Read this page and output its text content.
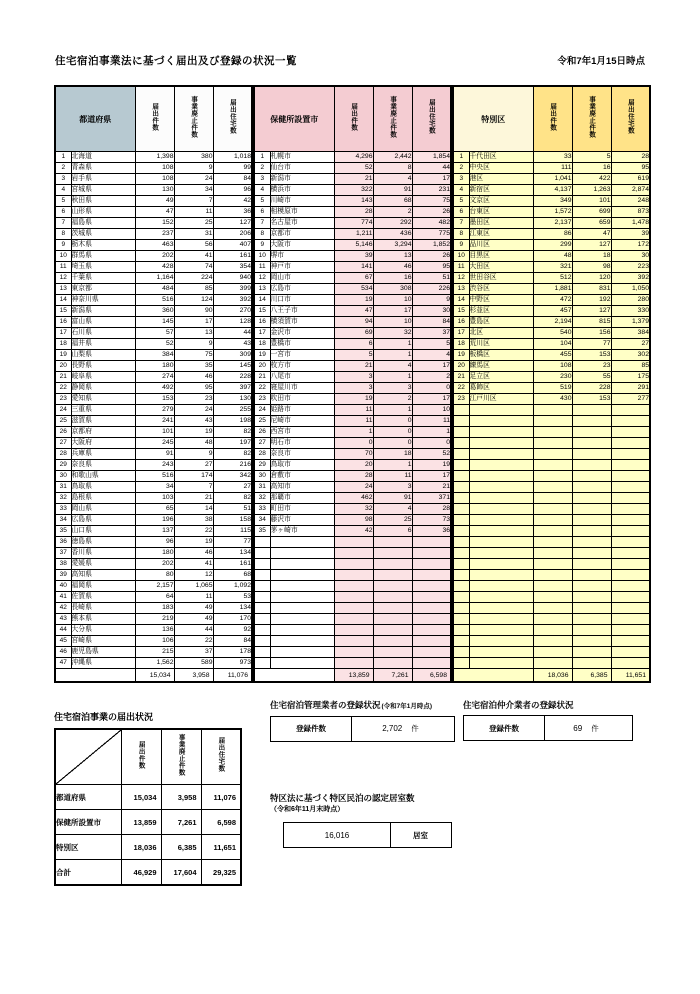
住宅宿泊事業法に基づく届出及び登録の状況一覧	令和7年1月15日時点
都道府県		届出件数	事業廃止件数	届出住宅数
1	北海道	1,398	380	1,018
2	青森県	108	9	99
3	岩手県	108	24	84
4	宮城県	130	34	96
5	秋田県	49	7	42
6	山形県	47	11	36
7	福島県	152	25	127
8	茨城県	237	31	206
9	栃木県	463	56	407
10	群馬県	202	41	161
11	埼玉県	428	74	354
12	千葉県	1,164	224	940
13	東京都	484	85	399
14	神奈川県	516	124	392
15	新潟県	360	90	270
16	富山県	145	17	128
17	石川県	57	13	44
18	福井県	52	9	43
19	山梨県	384	75	309
20	長野県	180	35	145
21	岐阜県	274	46	228
22	静岡県	492	95	397
23	愛知県	153	23	130
24	三重県	279	24	255
25	滋賀県	241	43	198
26	京都府	101	19	82
27	大阪府	245	48	197
28	兵庫県	91	9	82
29	奈良県	243	27	216
30	和歌山県	516	174	342
31	鳥取県	34	7	27
32	島根県	103	21	82
33	岡山県	65	14	51
34	広島県	196	38	158
35	山口県	137	22	115
36	徳島県	96	19	77
37	香川県	180	46	134
38	愛媛県	202	41	161
39	高知県	80	12	68
40	福岡県	2,157	1,065	1,092
41	佐賀県	64	11	53
42	長崎県	183	49	134
43	熊本県	219	49	170
44	大分県	136	44	92
45	宮崎県	106	22	84
46	鹿児島県	215	37	178
47	沖縄県	1,562	589	973
		15,034	3,958	11,076
保健所設置市		届出件数	事業廃止件数	届出住宅数
1	札幌市	4,296	2,442	1,854
2	仙台市	52	8	44
3	新潟市	21	4	17
4	横浜市	322	91	231
5	川崎市	143	68	75
6	相模原市	28	2	26
7	名古屋市	774	292	482
8	京都市	1,211	436	775
9	大阪市	5,146	3,294	1,852
10	堺市	39	13	26
11	神戸市	141	46	95
12	岡山市	67	16	51
13	広島市	534	308	226
14	川口市	19	10	9
15	八王子市	47	17	30
16	横須賀市	94	10	84
17	金沢市	69	32	37
18	豊橋市	6	1	5
19	一宮市	5	1	4
20	枚方市	21	4	17
21	八尾市	3	1	2
22	寝屋川市	3	3	0
23	吹田市	19	2	17
24	姫路市	11	1	10
25	尼崎市	11	0	11
26	西宮市	1	0	1
27	明石市	0	0	0
28	奈良市	70	18	52
29	鳥取市	20	1	19
30	倉敷市	28	11	17
31	高知市	24	3	21
32	那覇市	462	91	371
33	町田市	32	4	28
34	藤沢市	98	25	73
35	茅ヶ崎市	42	6	36

		13,859	7,261	6,598
特別区		届出件数	事業廃止件数	届出住宅数
1	千代田区	33	5	28
2	中央区	111	16	95
3	港区	1,041	422	619
4	新宿区	4,137	1,263	2,874
5	文京区	349	101	248
6	台東区	1,572	699	873
7	墨田区	2,137	659	1,478
8	江東区	86	47	39
9	品川区	299	127	172
10	目黒区	48	18	30
11	大田区	321	98	223
12	世田谷区	512	120	392
13	渋谷区	1,881	831	1,050
14	中野区	472	192	280
15	杉並区	457	127	330
16	豊島区	2,194	815	1,379
17	北区	540	156	384
18	荒川区	104	77	27
19	板橋区	455	153	302
20	練馬区	108	23	85
21	足立区	230	55	175
22	葛飾区	519	228	291
23	江戸川区	430	153	277

		18,036	6,385	11,651
住宅宿泊事業の届出状況
	届出件数	事業廃止件数	届出住宅数
都道府県	15,034	3,958	11,076
保健所設置市	13,859	7,261	6,598
特別区	18,036	6,385	11,651
合計	46,929	17,604	29,325
住宅宿泊管理業者の登録状況(令和7年1月時点)
登録件数	2,702 件
住宅宿泊仲介業者の登録状況
登録件数	69 件
特区法に基づく特区民泊の認定居室数
（令和6年11月末時点）
16,016	居室
